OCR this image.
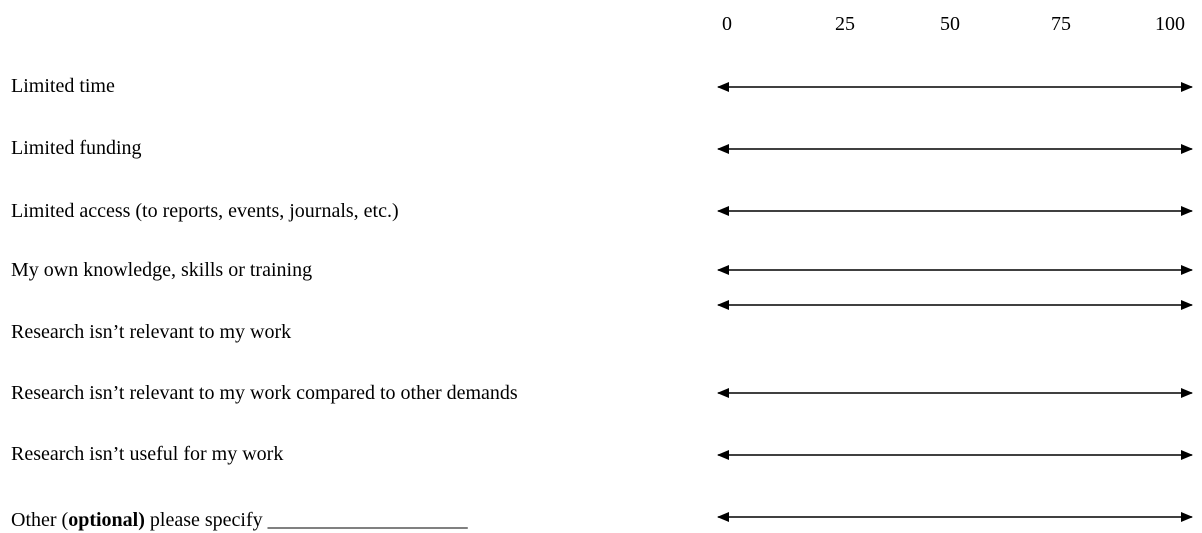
0	25	50	75	100
Limited time
Limited funding
Limited access (to reports, events, journals, etc.)
My own knowledge, skills or training
Research isn’t relevant to my work
Research isn’t relevant to my work compared to other demands
Research isn’t useful for my work
Other (optional) please specify ____________________
